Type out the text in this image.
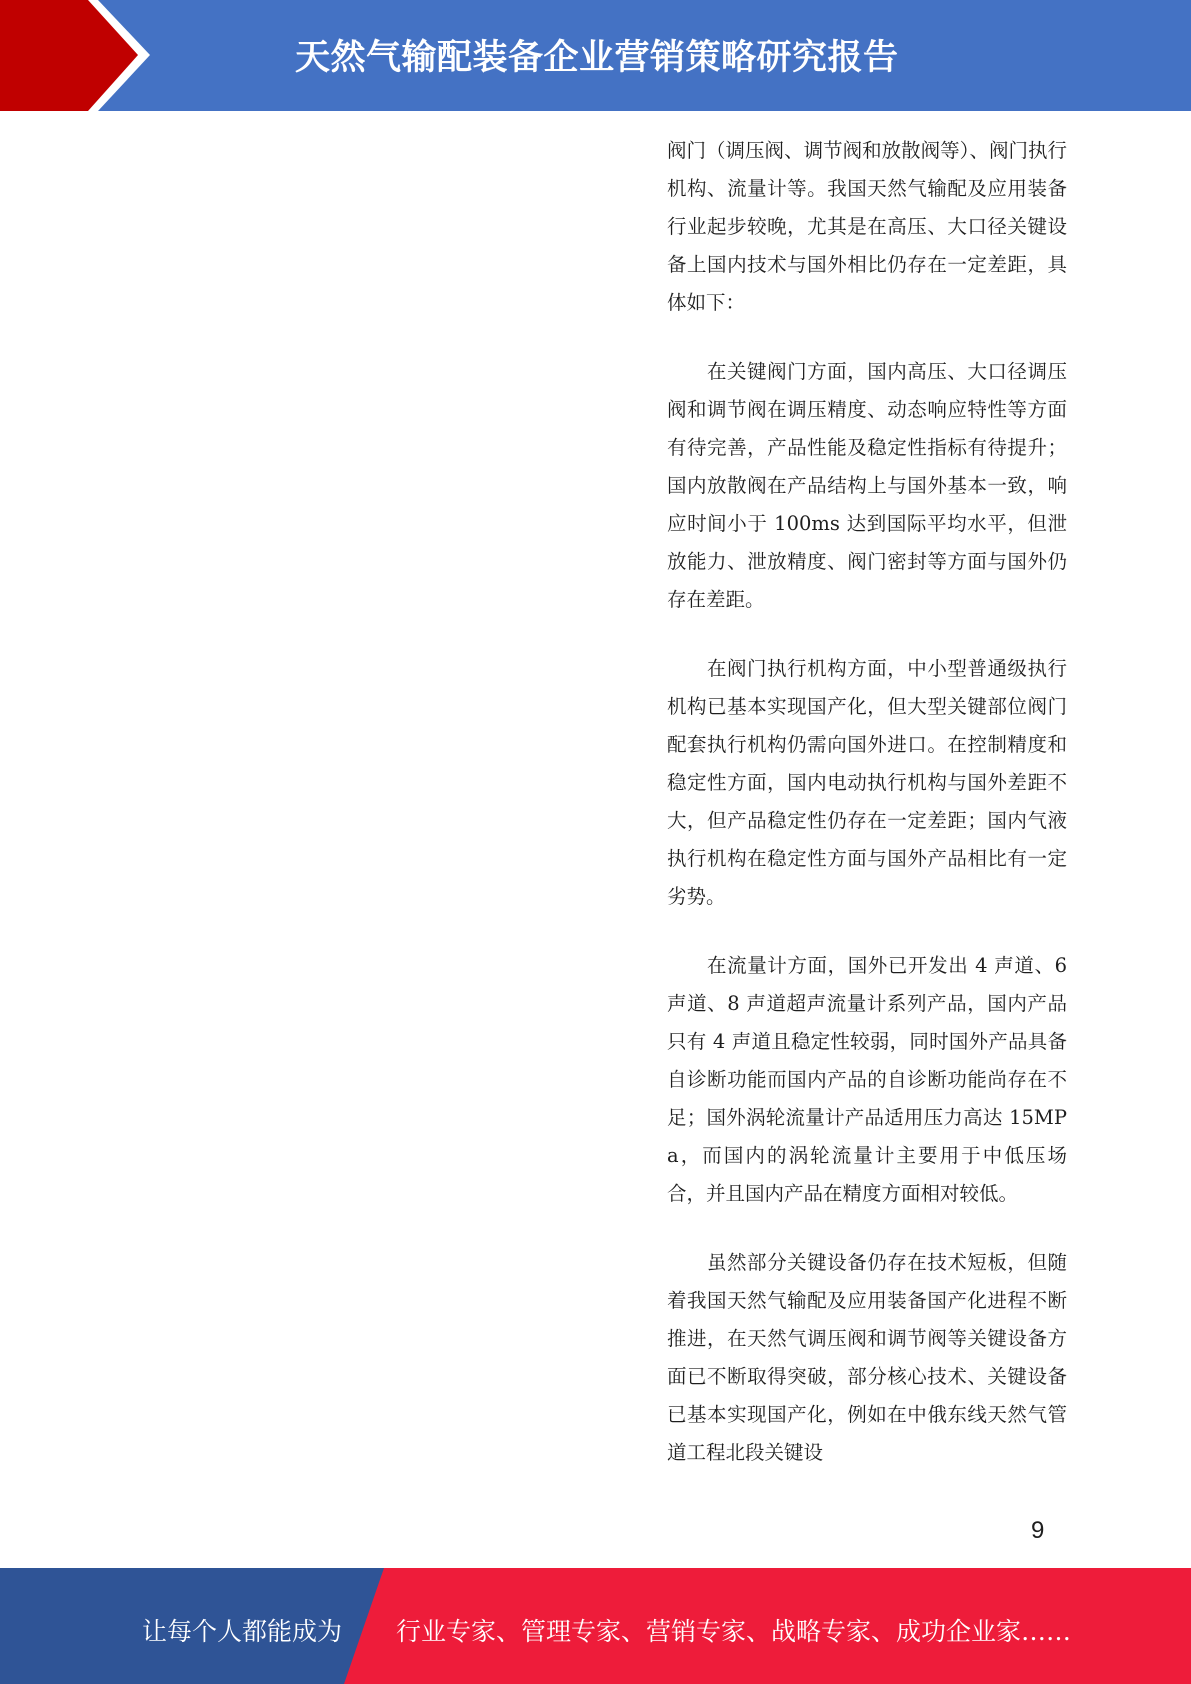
天然气输配装备企业营销策略研究报告

阀门（调压阀、调节阀和放散阀等）、阀门执行机构、流量计等。我国天然气输配及应用装备行业起步较晚，尤其是在高压、大口径关键设备上国内技术与国外相比仍存在一定差距，具体如下：

在关键阀门方面，国内高压、大口径调压阀和调节阀在调压精度、动态响应特性等方面有待完善，产品性能及稳定性指标有待提升；国内放散阀在产品结构上与国外基本一致，响应时间小于 100ms 达到国际平均水平，但泄放能力、泄放精度、阀门密封等方面与国外仍存在差距。

在阀门执行机构方面，中小型普通级执行机构已基本实现国产化，但大型关键部位阀门配套执行机构仍需向国外进口。在控制精度和稳定性方面，国内电动执行机构与国外差距不大，但产品稳定性仍存在一定差距；国内气液执行机构在稳定性方面与国外产品相比有一定劣势。

在流量计方面，国外已开发出 4 声道、6 声道、8 声道超声流量计系列产品，国内产品只有 4 声道且稳定性较弱，同时国外产品具备自诊断功能而国内产品的自诊断功能尚存在不足；国外涡轮流量计产品适用压力高达 15MPa，而国内的涡轮流量计主要用于中低压场合，并且国内产品在精度方面相对较低。

虽然部分关键设备仍存在技术短板，但随着我国天然气输配及应用装备国产化进程不断推进，在天然气调压阀和调节阀等关键设备方面已不断取得突破，部分核心技术、关键设备已基本实现国产化，例如在中俄东线天然气管道工程北段关键设

9
让每个人都能成为 行业专家、管理专家、营销专家、战略专家、成功企业家……
